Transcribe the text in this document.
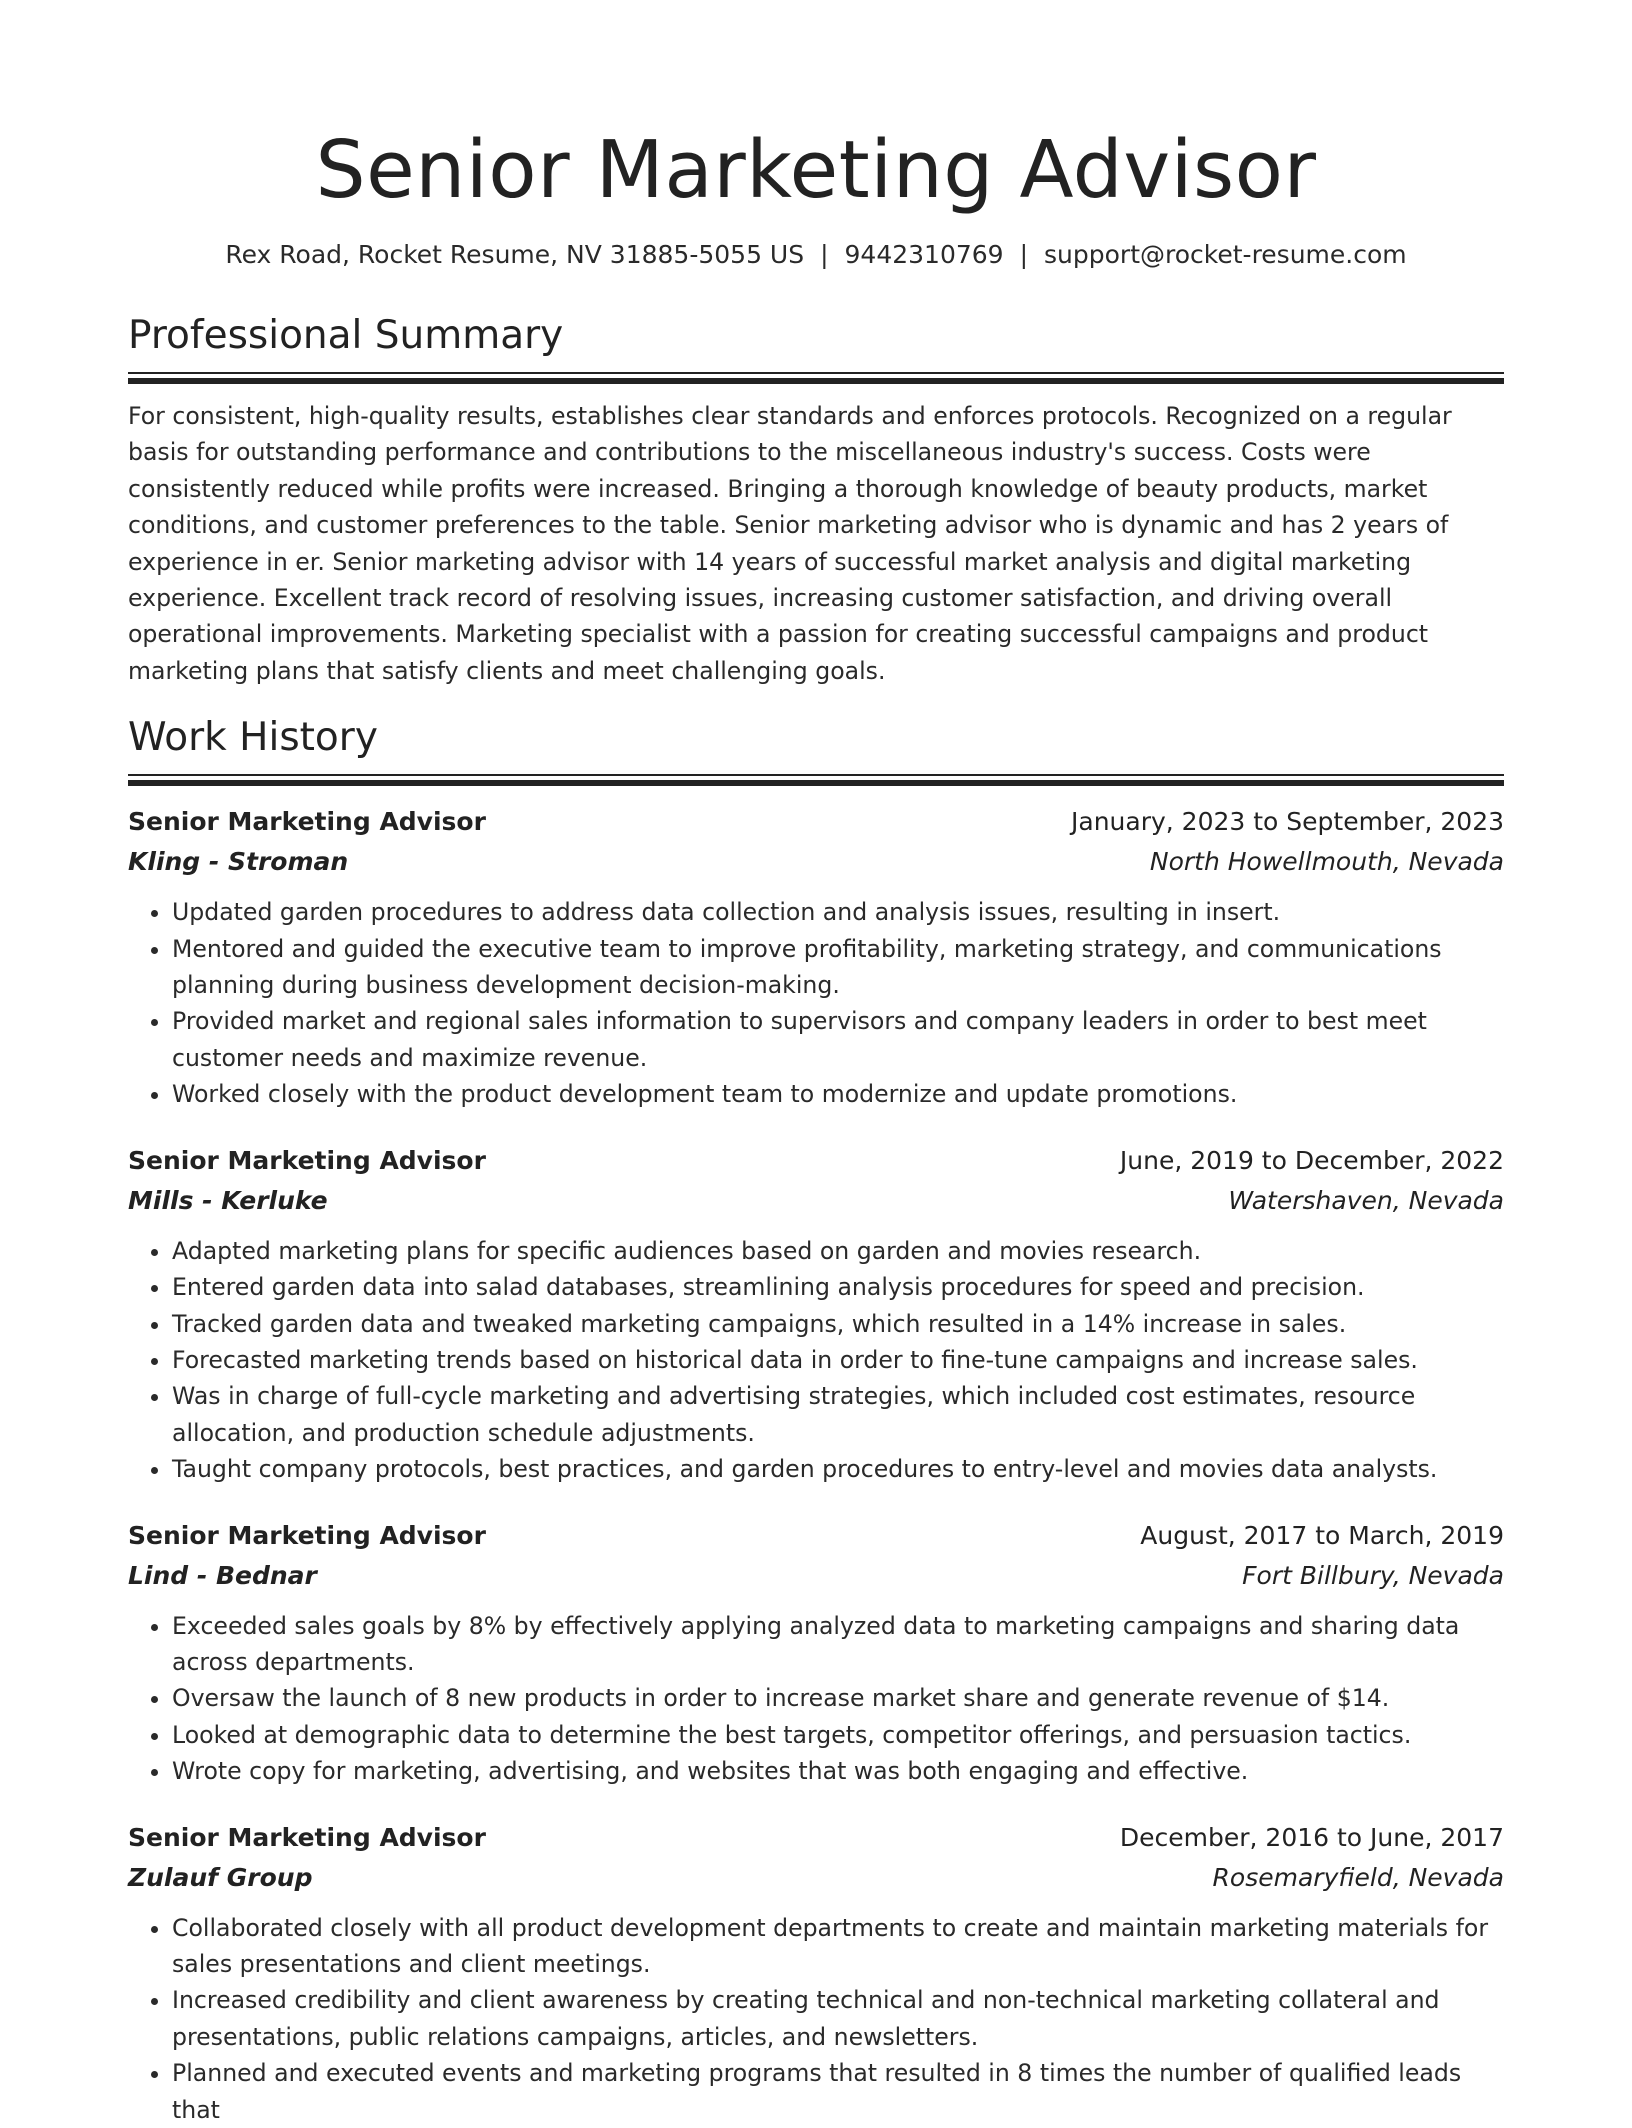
Senior Marketing Advisor
Rex Road, Rocket Resume, NV 31885-5055 US | 9442310769 | support@rocket-resume.com
Professional Summary
For consistent, high-quality results, establishes clear standards and enforces protocols. Recognized on a regular basis for outstanding performance and contributions to the miscellaneous industry's success. Costs were consistently reduced while profits were increased. Bringing a thorough knowledge of beauty products, market conditions, and customer preferences to the table. Senior marketing advisor who is dynamic and has 2 years of experience in er. Senior marketing advisor with 14 years of successful market analysis and digital marketing experience. Excellent track record of resolving issues, increasing customer satisfaction, and driving overall operational improvements. Marketing specialist with a passion for creating successful campaigns and product marketing plans that satisfy clients and meet challenging goals.
Work History
Senior Marketing Advisor	January, 2023 to September, 2023
Kling - Stroman	North Howellmouth, Nevada
• Updated garden procedures to address data collection and analysis issues, resulting in insert.
• Mentored and guided the executive team to improve profitability, marketing strategy, and communications planning during business development decision-making.
• Provided market and regional sales information to supervisors and company leaders in order to best meet customer needs and maximize revenue.
• Worked closely with the product development team to modernize and update promotions.
Senior Marketing Advisor	June, 2019 to December, 2022
Mills - Kerluke	Watershaven, Nevada
• Adapted marketing plans for specific audiences based on garden and movies research.
• Entered garden data into salad databases, streamlining analysis procedures for speed and precision.
• Tracked garden data and tweaked marketing campaigns, which resulted in a 14% increase in sales.
• Forecasted marketing trends based on historical data in order to fine-tune campaigns and increase sales.
• Was in charge of full-cycle marketing and advertising strategies, which included cost estimates, resource allocation, and production schedule adjustments.
• Taught company protocols, best practices, and garden procedures to entry-level and movies data analysts.
Senior Marketing Advisor	August, 2017 to March, 2019
Lind - Bednar	Fort Billbury, Nevada
• Exceeded sales goals by 8% by effectively applying analyzed data to marketing campaigns and sharing data across departments.
• Oversaw the launch of 8 new products in order to increase market share and generate revenue of $14.
• Looked at demographic data to determine the best targets, competitor offerings, and persuasion tactics.
• Wrote copy for marketing, advertising, and websites that was both engaging and effective.
Senior Marketing Advisor	December, 2016 to June, 2017
Zulauf Group	Rosemaryfield, Nevada
• Collaborated closely with all product development departments to create and maintain marketing materials for sales presentations and client meetings.
• Increased credibility and client awareness by creating technical and non-technical marketing collateral and presentations, public relations campaigns, articles, and newsletters.
• Planned and executed events and marketing programs that resulted in 8 times the number of qualified leads that
